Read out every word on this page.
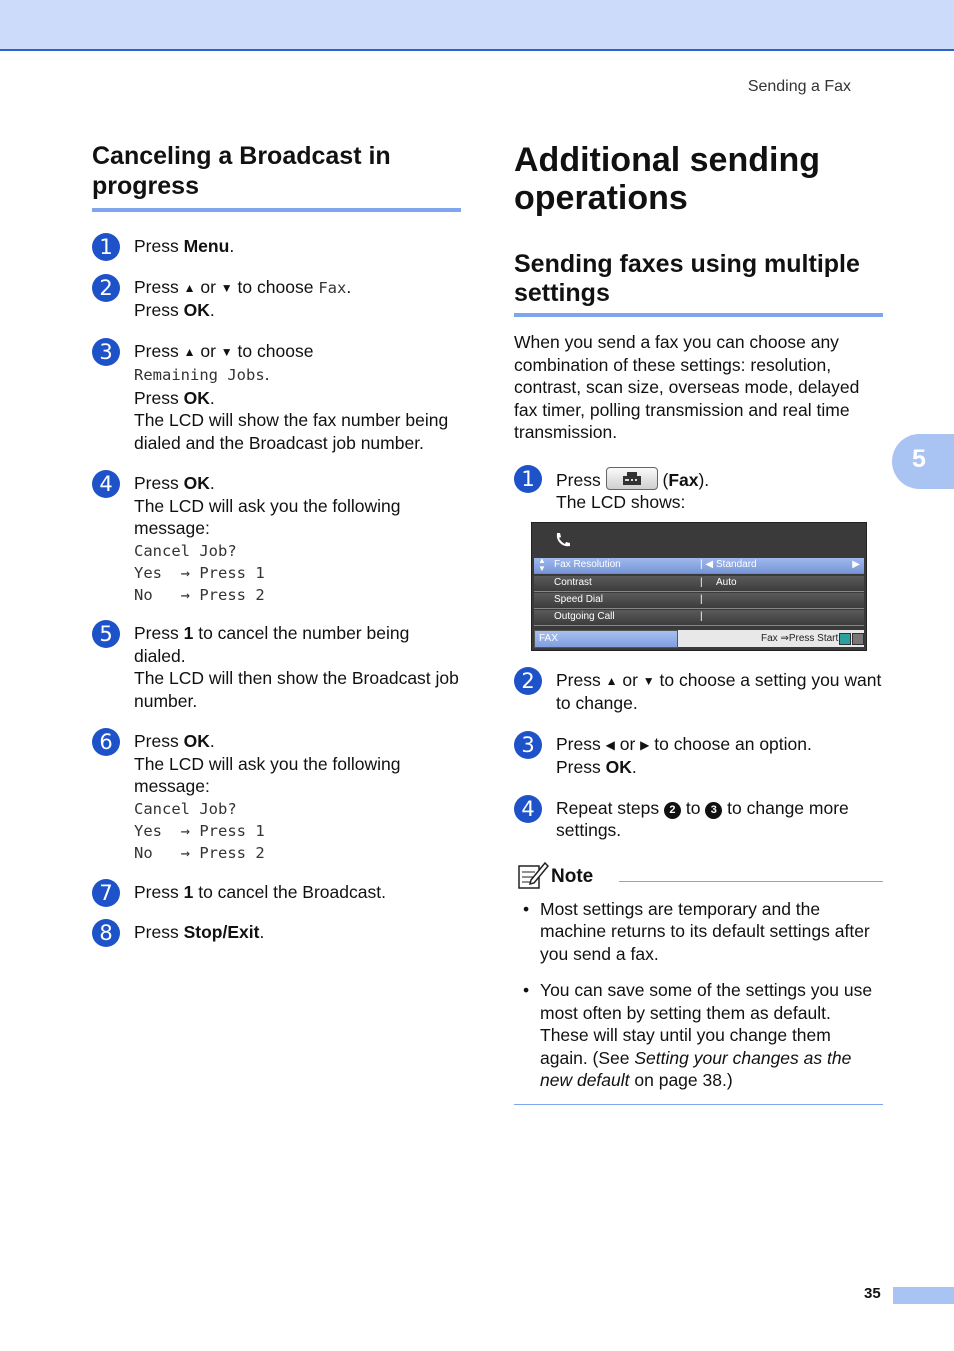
Sending a Fax
5
Canceling a Broadcast in progress
1	Press Menu.
2	Press ▲ or ▼ to choose Fax.
Press OK.
3	Press ▲ or ▼ to choose
Remaining Jobs.
Press OK.
The LCD will show the fax number being dialed and the Broadcast job number.
4	Press OK.
The LCD will ask you the following message:
Cancel Job?
Yes  → Press 1
No   → Press 2
5	Press 1 to cancel the number being dialed.
The LCD will then show the Broadcast job number.
6	Press OK.
The LCD will ask you the following message:
Cancel Job?
Yes  → Press 1
No   → Press 2
7	Press 1 to cancel the Broadcast.
8	Press Stop/Exit.
Additional sending operations
Sending faxes using multiple settings

When you send a fax you can choose any combination of these settings: resolution, contrast, scan size, overseas mode, delayed fax timer, polling transmission and real time transmission.

1	Press	(Fax).
The LCD shows:
▲
▼ Fax Resolution	| ◀ Standard	▶
Contrast	| Auto
Speed Dial	|
Outgoing Call	|
FAX	Fax ⇒Press Start
2	Press ▲ or ▼ to choose a setting you want to change.
3	Press ◀ or ▶ to choose an option.
Press OK.
4	Repeat steps 2 to 3 to change more settings.
Note
• Most settings are temporary and the machine returns to its default settings after you send a fax.
• You can save some of the settings you use most often by setting them as default. These will stay until you change them again. (See Setting your changes as the new default on page 38.)
35
